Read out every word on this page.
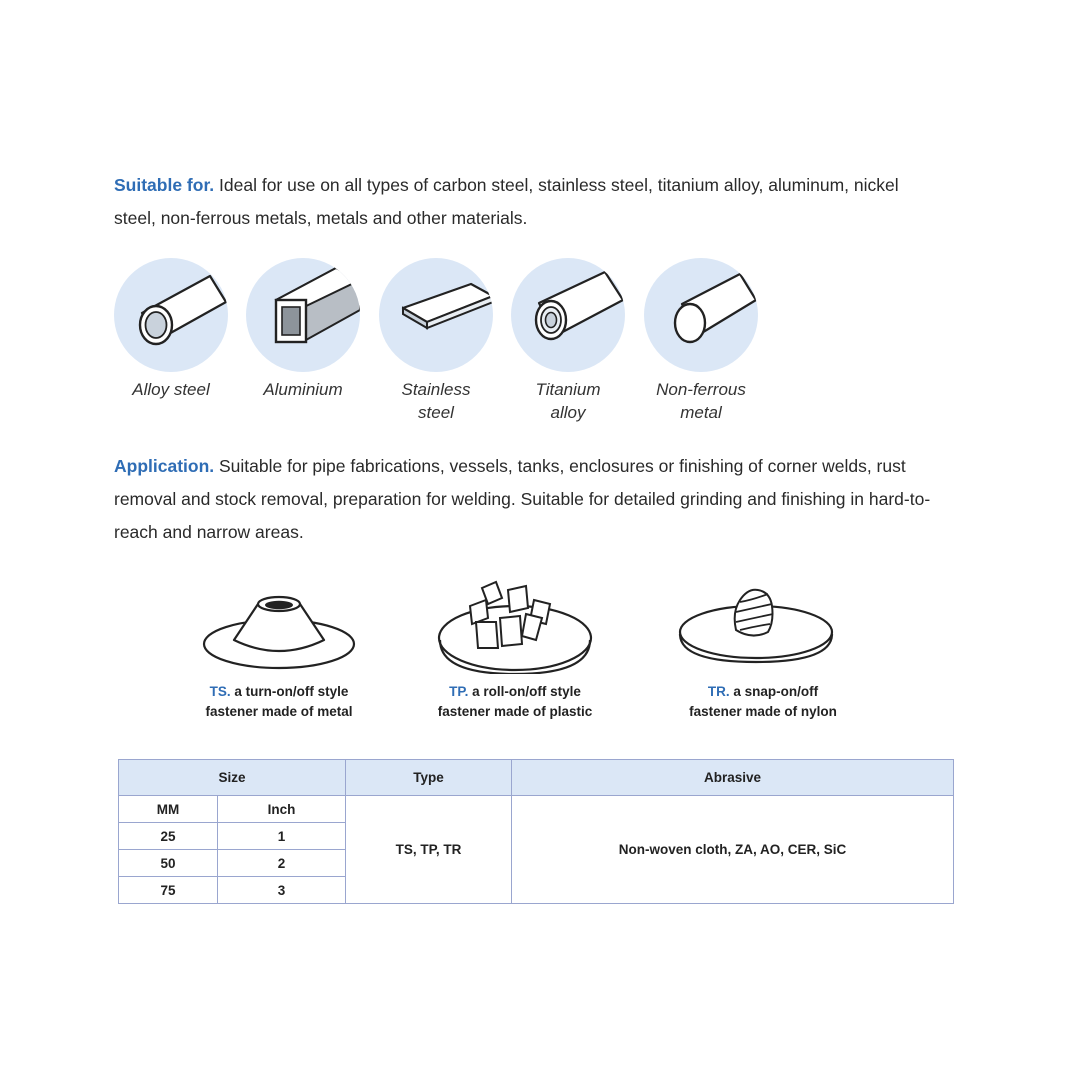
Suitable for. Ideal for use on all types of carbon steel, stainless steel, titanium alloy, aluminum, nickel steel, non-ferrous metals, metals and other materials.
Alloy steel	Aluminium	Stainless
steel
Titanium
alloy
Non-ferrous
metal
Application. Suitable for pipe fabrications, vessels, tanks, enclosures or finishing of corner welds, rust removal and stock removal, preparation for welding. Suitable for detailed grinding and finishing in hard-to-reach and narrow areas.
TS. a turn-on/off style
fastener made of metal
TP. a roll-on/off style
fastener made of plastic
TR. a snap-on/off
fastener made of nylon
Size		Type	Abrasive
MM	Inch	TS, TP, TR	Non-woven cloth, ZA, AO, CER, SiC
25	1		
50	2		
75	3		
